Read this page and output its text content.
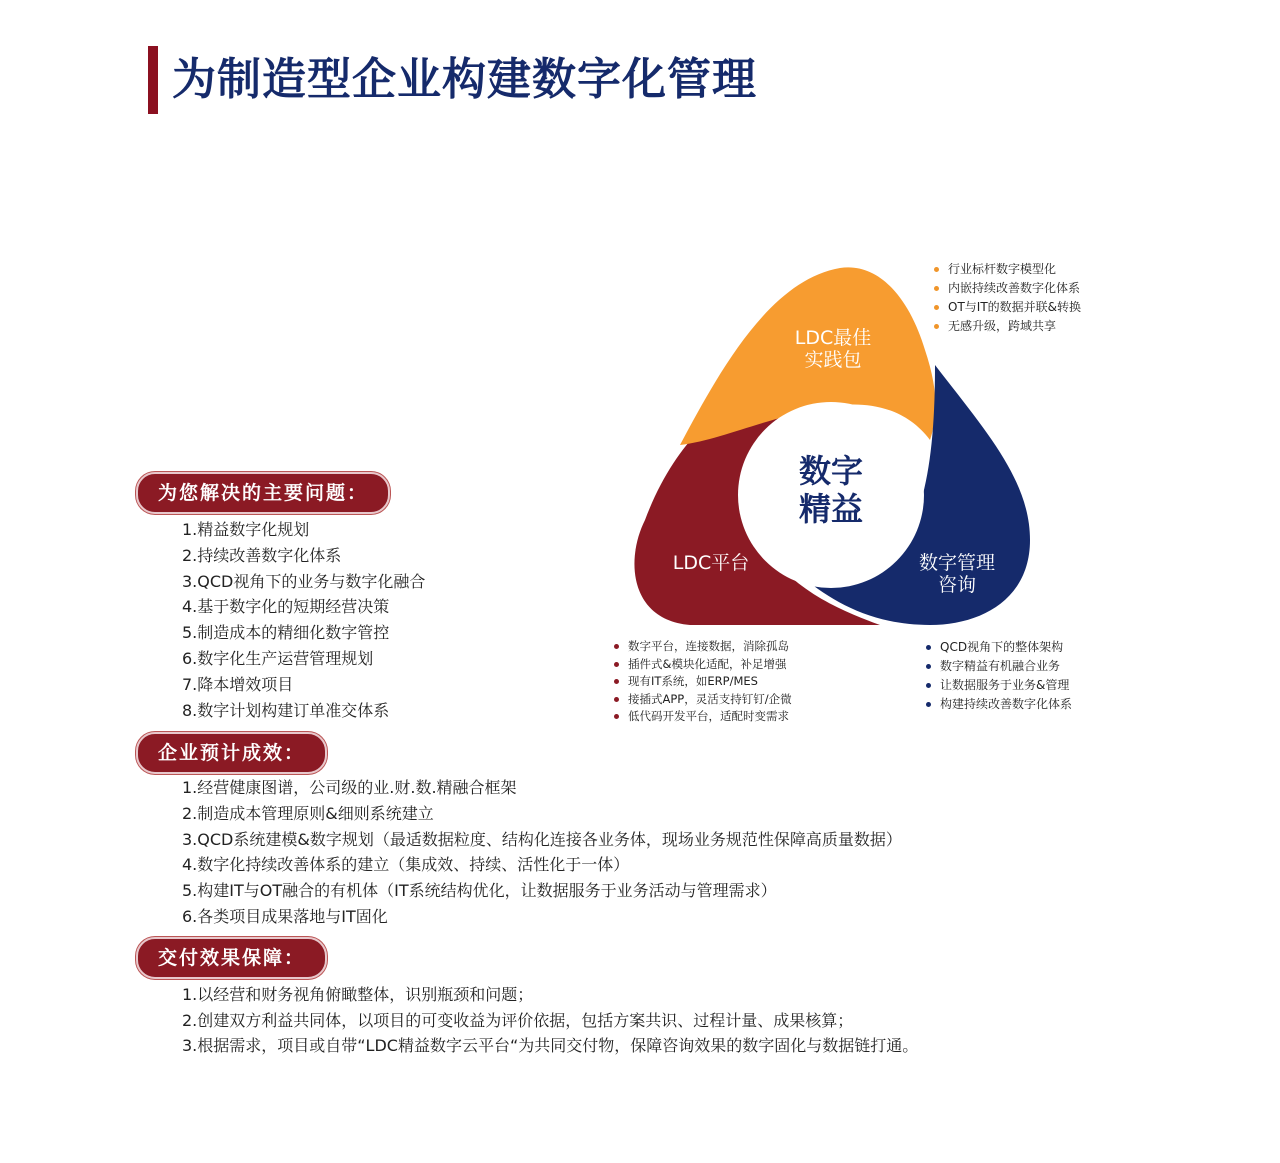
为制造型企业构建数字化管理
数字
精益
LDC最佳
实践包
LDC平台	数字管理
咨询
行业标杆数字模型化
内嵌持续改善数字化体系
OT与IT的数据并联&转换
无感升级，跨域共享
数字平台，连接数据，消除孤岛
插件式&模块化适配，补足增强
现有IT系统，如ERP/MES
接插式APP，灵活支持钉钉/企微
低代码开发平台，适配时变需求
QCD视角下的整体架构
数字精益有机融合业务
让数据服务于业务&管理
构建持续改善数字化体系
为您解决的主要问题：
1.精益数字化规划
2.持续改善数字化体系
3.QCD视角下的业务与数字化融合
4.基于数字化的短期经营决策
5.制造成本的精细化数字管控
6.数字化生产运营管理规划
7.降本增效项目
8.数字计划构建订单准交体系
企业预计成效：
1.经营健康图谱，公司级的业.财.数.精融合框架
2.制造成本管理原则&细则系统建立
3.QCD系统建模&数字规划（最适数据粒度、结构化连接各业务体，现场业务规范性保障高质量数据）
4.数字化持续改善体系的建立（集成效、持续、活性化于一体）
5.构建IT与OT融合的有机体（IT系统结构优化，让数据服务于业务活动与管理需求）
6.各类项目成果落地与IT固化
交付效果保障：
1.以经营和财务视角俯瞰整体，识别瓶颈和问题；
2.创建双方利益共同体，以项目的可变收益为评价依据，包括方案共识、过程计量、成果核算；
3.根据需求，项目或自带“LDC精益数字云平台“为共同交付物，保障咨询效果的数字固化与数据链打通。
